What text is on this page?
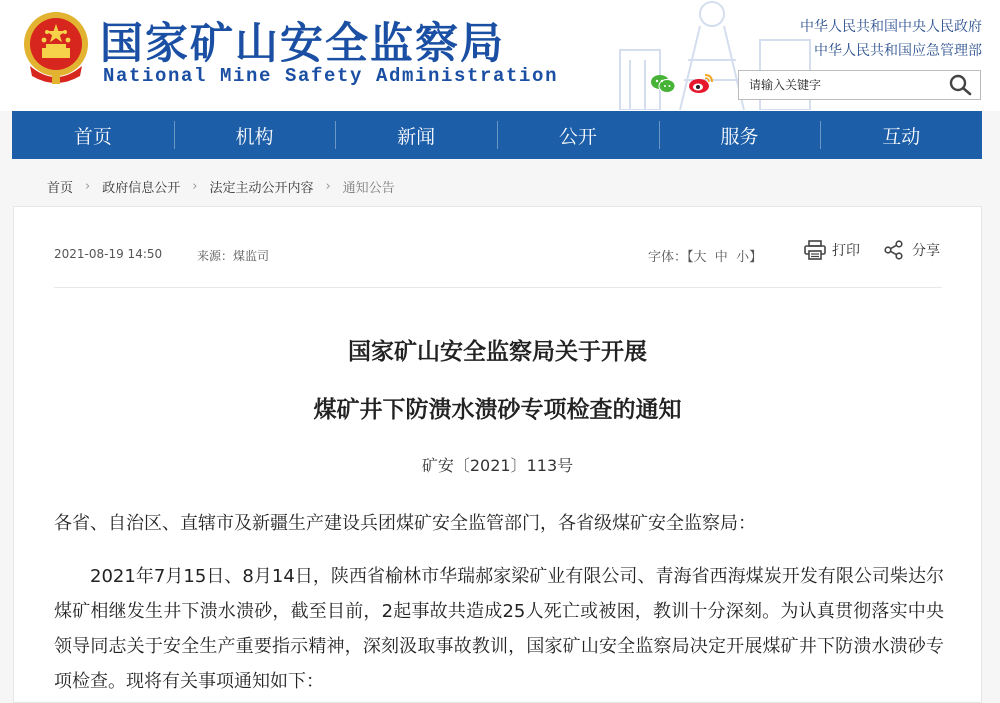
国家矿山安全监察局
National Mine Safety Administration
中华人民共和国中央人民政府
中华人民共和国应急管理部
请输入关键字
首页	机构	新闻	公开	服务	互动
首页 › 政府信息公开 › 法定主动公开内容 › 通知公告
2021-08-19 14:50	来源：煤监司	字体：【大 中 小】	打印	分享
国家矿山安全监察局关于开展
煤矿井下防溃水溃砂专项检查的通知
矿安〔2021〕113号
各省、自治区、直辖市及新疆生产建设兵团煤矿安全监管部门，各省级煤矿安全监察局：
2021年7月15日、8月14日，陕西省榆林市华瑞郝家梁矿业有限公司、青海省西海煤炭开发有限公司柴达尔煤矿相继发生井下溃水溃砂，截至目前，2起事故共造成25人死亡或被困，教训十分深刻。为认真贯彻落实中央领导同志关于安全生产重要指示精神，深刻汲取事故教训，国家矿山安全监察局决定开展煤矿井下防溃水溃砂专项检查。现将有关事项通知如下：
